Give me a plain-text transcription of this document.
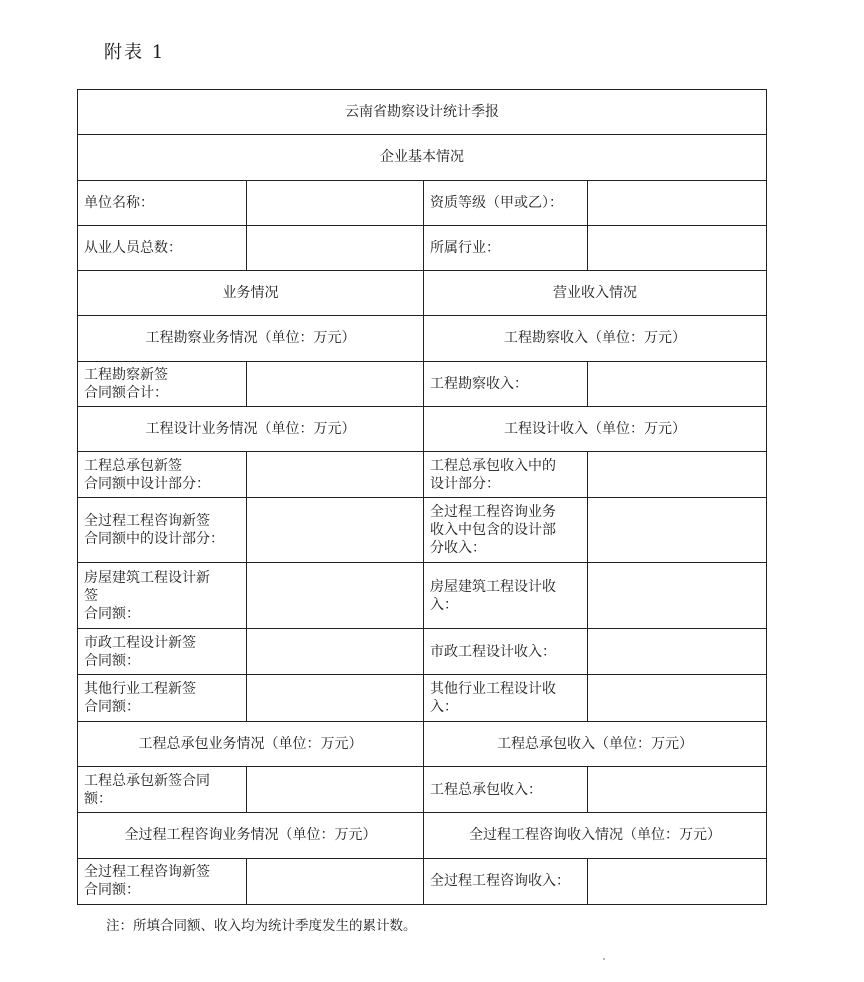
附表 1
云南省勘察设计统计季报			
企业基本情况			
单位名称：		资质等级（甲或乙）：	
从业人员总数：		所属行业：	
业务情况		营业收入情况	
工程勘察业务情况（单位：万元）		工程勘察收入（单位：万元）	
工程勘察新签
合同额合计：		工程勘察收入：	
工程设计业务情况（单位：万元）		工程设计收入（单位：万元）	
工程总承包新签
合同额中设计部分：		工程总承包收入中的
设计部分：	
全过程工程咨询新签
合同额中的设计部分：		全过程工程咨询业务
收入中包含的设计部
分收入：	
房屋建筑工程设计新
签
合同额：		房屋建筑工程设计收
入：	
市政工程设计新签
合同额：		市政工程设计收入：	
其他行业工程新签
合同额：		其他行业工程设计收
入：	
工程总承包业务情况（单位：万元）		工程总承包收入（单位：万元）	
工程总承包新签合同
额：		工程总承包收入：	
全过程工程咨询业务情况（单位：万元）		全过程工程咨询收入情况（单位：万元）	
全过程工程咨询新签
合同额：		全过程工程咨询收入：	
注：所填合同额、收入均为统计季度发生的累计数。
